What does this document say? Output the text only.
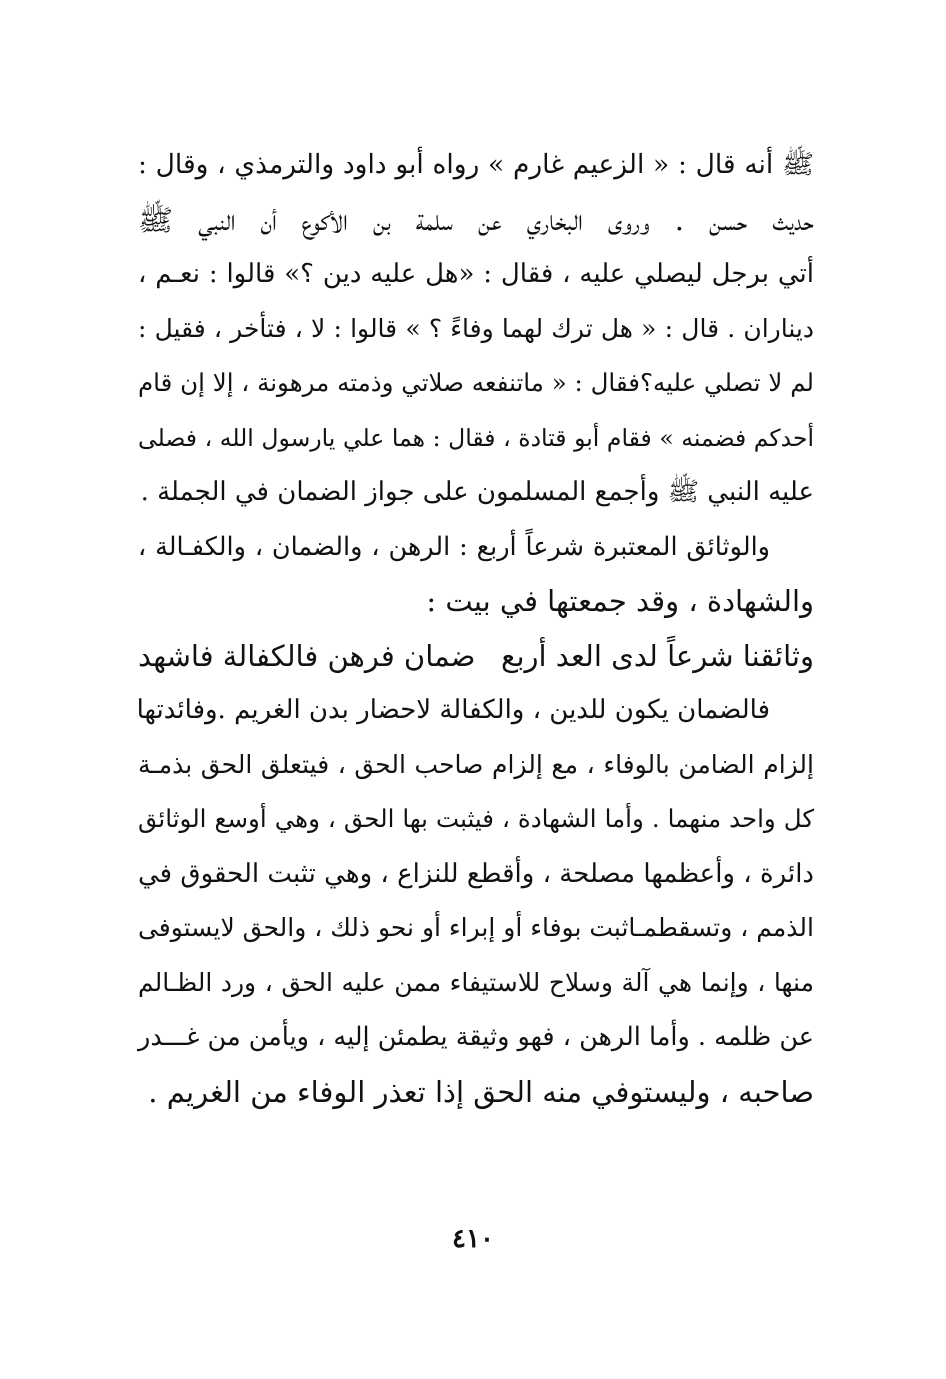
ﷺ أنه قال : « الزعيم غارم » رواه أبو داود والترمذي ، وقال :
حديث حسن . وروى البخاري عن سلمة بن الأكوع أن النبي ﷺ
أتي برجل ليصلي عليه ، فقال : «هل عليه دين ؟» قالوا : نعـم ،
ديناران . قال : « هل ترك لهما وفاءً ؟ » قالوا : لا ، فتأخر ، فقيل :
لم لا تصلي عليه؟فقال : « ماتنفعه صلاتي وذمته مرهونة ، إلا إن قام
أحدكم فضمنه » فقام أبو قتادة ، فقال : هما علي يارسول الله ، فصلى
عليه النبي ﷺ وأجمع المسلمون على جواز الضمان في الجملة .
والوثائق المعتبرة شرعاً أربع : الرهن ، والضمان ، والكفـالة ،
والشهادة ، وقد جمعتها في بيت :
وثائقنا شرعاً لدى العد أربع
ضمان فرهن فالكفالة فاشهد
فالضمان يكون للدين ، والكفالة لاحضار بدن الغريم .وفائدتها
إلزام الضامن بالوفاء ، مع إلزام صاحب الحق ، فيتعلق الحق بذمـة
كل واحد منهما . وأما الشهادة ، فيثبت بها الحق ، وهي أوسع الوثائق
دائرة ، وأعظمها مصلحة ، وأقطع للنزاع ، وهي تثبت الحقوق في
الذمم ، وتسقطمـاثبت بوفاء أو إبراء أو نحو ذلك ، والحق لايستوفى
منها ، وإنما هي آلة وسلاح للاستيفاء ممن عليه الحق ، ورد الظـالم
عن ظلمه . وأما الرهن ، فهو وثيقة يطمئن إليه ، ويأمن من غـــدر
صاحبه ، وليستوفي منه الحق إذا تعذر الوفاء من الغريم .
٤١٠
